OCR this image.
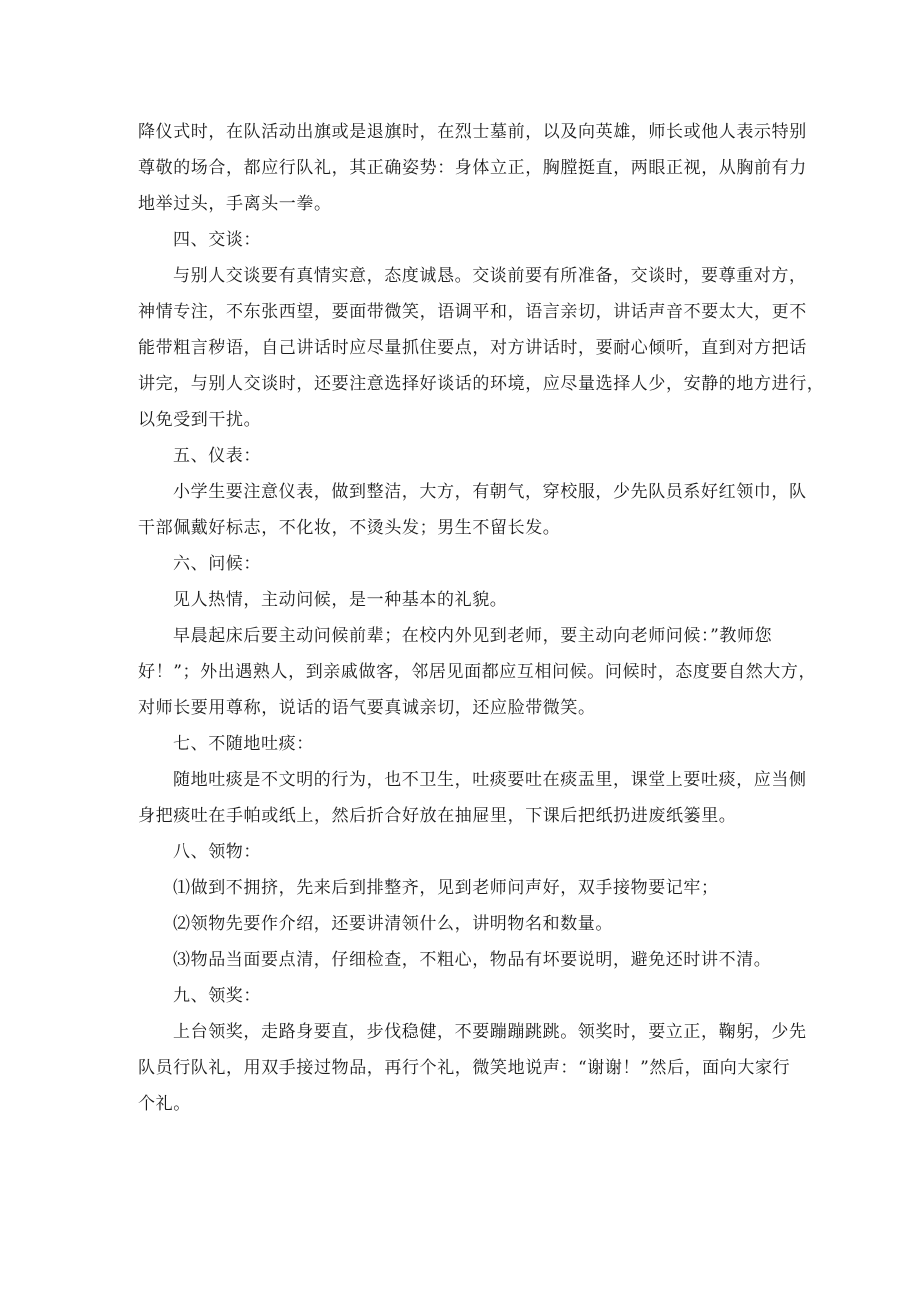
降仪式时，在队活动出旗或是退旗时，在烈士墓前，以及向英雄，师长或他人表示特别
尊敬的场合，都应行队礼，其正确姿势：身体立正，胸膛挺直，两眼正视，从胸前有力
地举过头，手离头一拳。
四、交谈：
与别人交谈要有真情实意，态度诚恳。交谈前要有所准备，交谈时，要尊重对方，
神情专注，不东张西望，要面带微笑，语调平和，语言亲切，讲话声音不要太大，更不
能带粗言秽语，自己讲话时应尽量抓住要点，对方讲话时，要耐心倾听，直到对方把话
讲完，与别人交谈时，还要注意选择好谈话的环境，应尽量选择人少，安静的地方进行，
以免受到干扰。
五、仪表：
小学生要注意仪表，做到整洁，大方，有朝气，穿校服，少先队员系好红领巾，队
干部佩戴好标志，不化妆，不烫头发；男生不留长发。
六、问候：
见人热情，主动问候，是一种基本的礼貌。
早晨起床后要主动问候前辈；在校内外见到老师，要主动向老师问候：”教师您
好！”；外出遇熟人，到亲戚做客，邻居见面都应互相问候。问候时，态度要自然大方，
对师长要用尊称，说话的语气要真诚亲切，还应脸带微笑。
七、不随地吐痰：
随地吐痰是不文明的行为，也不卫生，吐痰要吐在痰盂里，课堂上要吐痰，应当侧
身把痰吐在手帕或纸上，然后折合好放在抽屉里，下课后把纸扔进废纸篓里。
八、领物：
⑴做到不拥挤，先来后到排整齐，见到老师问声好，双手接物要记牢；
⑵领物先要作介绍，还要讲清领什么，讲明物名和数量。
⑶物品当面要点清，仔细检查，不粗心，物品有坏要说明，避免还时讲不清。
九、领奖：
上台领奖，走路身要直，步伐稳健，不要蹦蹦跳跳。领奖时，要立正，鞠躬，少先
队员行队礼，用双手接过物品，再行个礼，微笑地说声：“谢谢！”然后，面向大家行
个礼。
